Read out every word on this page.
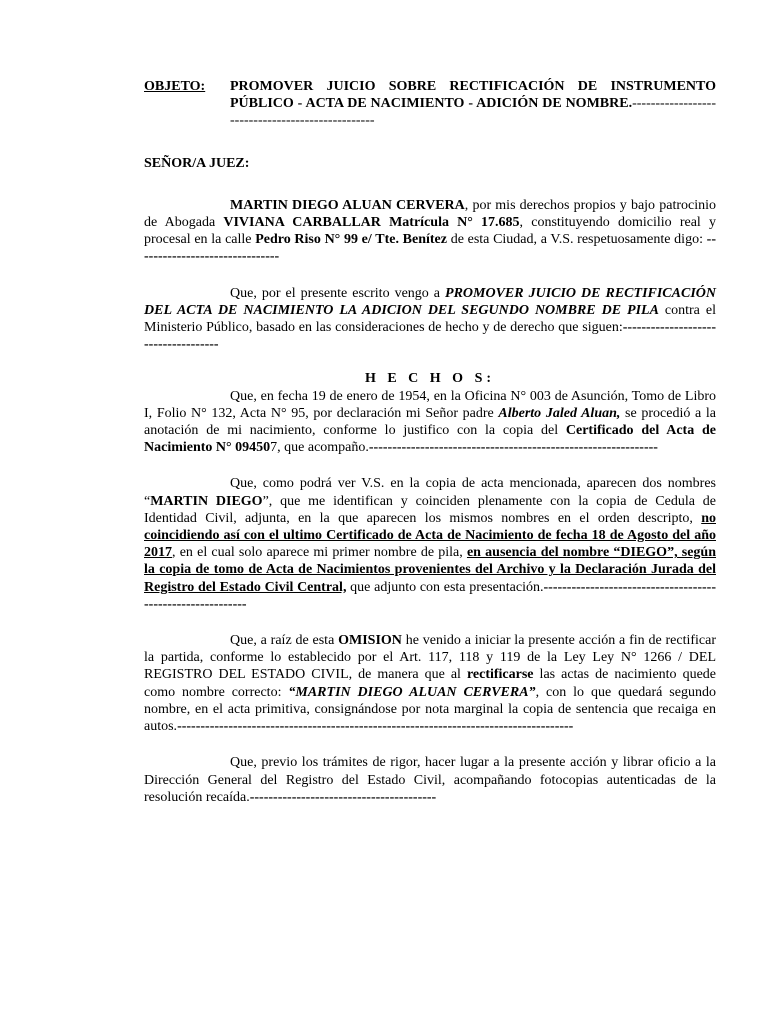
OBJETO:	PROMOVER JUICIO SOBRE RECTIFICACIÓN DE INSTRUMENTO PÚBLICO - ACTA DE NACIMIENTO - ADICIÓN DE NOMBRE.-------------------------------------------------

SEÑOR/A JUEZ:

MARTIN DIEGO ALUAN CERVERA, por mis derechos propios y bajo patrocinio de Abogada VIVIANA CARBALLAR Matrícula N° 17.685, constituyendo domicilio real y procesal en la calle Pedro Riso N° 99 e/ Tte. Benítez de esta Ciudad, a V.S. respetuosamente digo: -------------------------------

Que, por el presente escrito vengo a PROMOVER JUICIO DE RECTIFICACIÓN DEL ACTA DE NACIMIENTO LA ADICION DEL SEGUNDO NOMBRE DE PILA contra el Ministerio Público, basado en las consideraciones de hecho y de derecho que siguen:------------------------------------

H E C H O S:

Que, en fecha 19 de enero de 1954, en la Oficina N° 003 de Asunción, Tomo de Libro I, Folio N° 132, Acta N° 95, por declaración mi Señor padre Alberto Jaled Aluan, se procedió a la anotación de mi nacimiento, conforme lo justifico con la copia del Certificado del Acta de Nacimiento N° 094507, que acompaño.--------------------------------------------------------------

Que, como podrá ver V.S. en la copia de acta mencionada, aparecen dos nombres “MARTIN DIEGO”, que me identifican y coinciden plenamente con la copia de Cedula de Identidad Civil, adjunta, en la que aparecen los mismos nombres en el orden descripto, no coincidiendo así con el ultimo Certificado de Acta de Nacimiento de fecha 18 de Agosto del año 2017, en el cual solo aparece mi primer nombre de pila, en ausencia del nombre “DIEGO”, según la copia de tomo de Acta de Nacimientos provenientes del Archivo y la Declaración Jurada del Registro del Estado Civil Central, que adjunto con esta presentación.-----------------------------------------------------------

Que, a raíz de esta OMISION he venido a iniciar la presente acción a fin de rectificar la partida, conforme lo establecido por el Art. 117, 118 y 119 de la Ley Ley N° 1266 / DEL REGISTRO DEL ESTADO CIVIL, de manera que al rectificarse las actas de nacimiento quede como nombre correcto: “MARTIN DIEGO ALUAN CERVERA”, con lo que quedará segundo nombre, en el acta primitiva, consignándose por nota marginal la copia de sentencia que recaiga en autos.-------------------------------------------------------------------------------------

Que, previo los trámites de rigor, hacer lugar a la presente acción y librar oficio a la Dirección General del Registro del Estado Civil, acompañando fotocopias autenticadas de la resolución recaída.----------------------------------------
